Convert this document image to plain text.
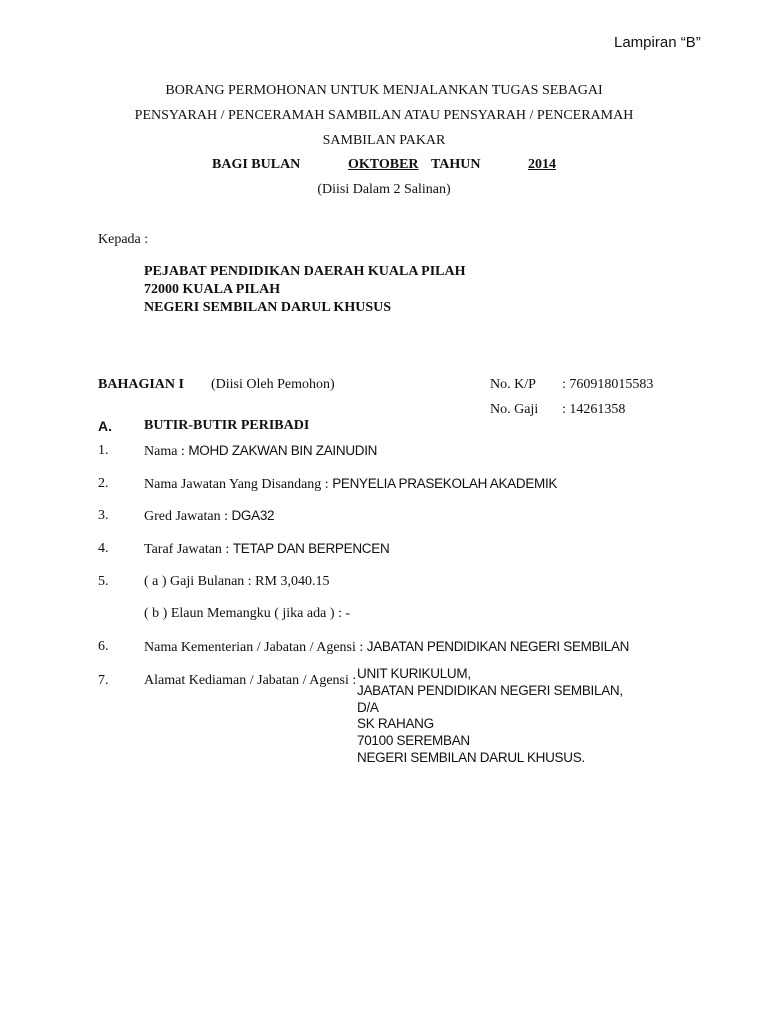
Lampiran “B”
BORANG PERMOHONAN UNTUK MENJALANKAN TUGAS SEBAGAI
PENSYARAH / PENCERAMAH SAMBILAN ATAU PENSYARAH / PENCERAMAH
SAMBILAN PAKAR
BAGI BULAN	OKTOBER TAHUN	2014
(Diisi Dalam 2 Salinan)
Kepada :
PEJABAT PENDIDIKAN DAERAH KUALA PILAH
72000 KUALA PILAH
NEGERI SEMBILAN DARUL KHUSUS
BAHAGIAN I (Diisi Oleh Pemohon)	No. K/P : 760918015583
No. Gaji : 14261358
A. BUTIR-BUTIR PERIBADI
1.	Nama : MOHD ZAKWAN BIN ZAINUDIN
2.	Nama Jawatan Yang Disandang : PENYELIA PRASEKOLAH AKADEMIK
3.	Gred Jawatan : DGA32
4.	Taraf Jawatan : TETAP DAN BERPENCEN
5.	( a ) Gaji Bulanan : RM 3,040.15
( b ) Elaun Memangku ( jika ada ) : -
6.	Nama Kementerian / Jabatan / Agensi : JABATAN PENDIDIKAN NEGERI SEMBILAN
7.	Alamat Kediaman / Jabatan / Agensi : UNIT KURIKULUM,
JABATAN PENDIDIKAN NEGERI SEMBILAN,
D/A
SK RAHANG
70100 SEREMBAN
NEGERI SEMBILAN DARUL KHUSUS.
